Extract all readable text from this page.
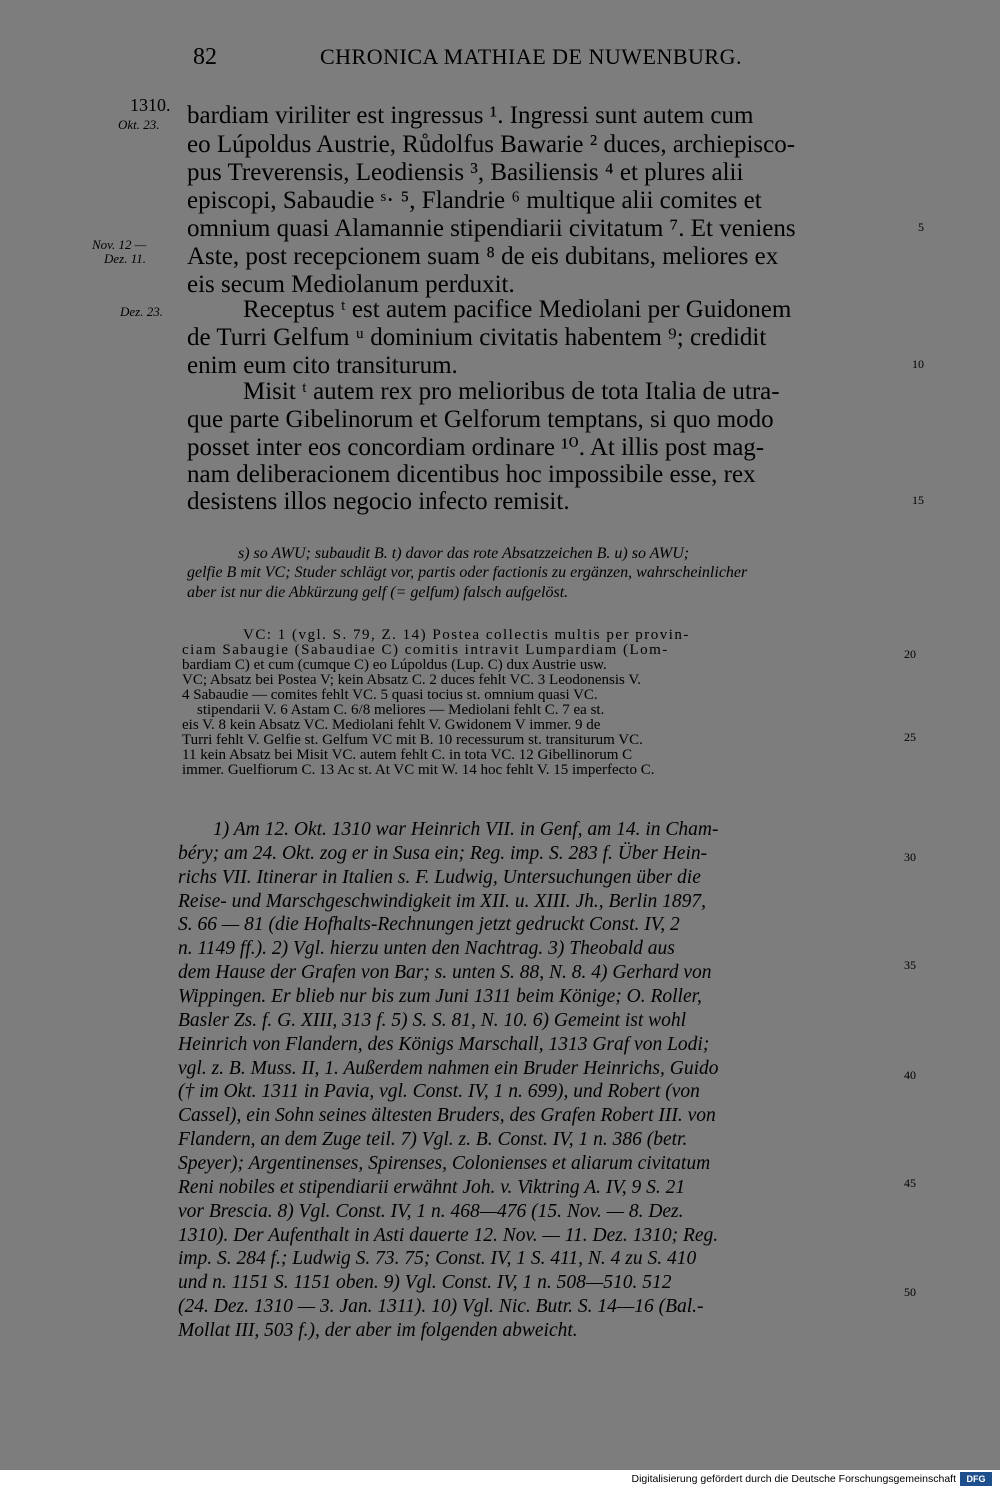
82	CHRONICA MATHIAE DE NUWENBURG.
1310.
Okt. 23.
Nov. 12 —
Dez. 11.
Dez. 23.
5
10
15
20
25
30
35
40
45
50
bardiam viriliter est ingressus ¹. Ingressi sunt autem cum
eo Lúpoldus Austrie, Růdolfus Bawarie ² duces, archiepisco-
pus Treverensis, Leodiensis ³, Basiliensis ⁴ et plures alii
episcopi, Sabaudie ˢ· ⁵, Flandrie ⁶ multique alii comites et
omnium quasi Alamannie stipendiarii civitatum ⁷. Et veniens
Aste, post recepcionem suam ⁸ de eis dubitans, meliores ex
eis secum Mediolanum perduxit.
Receptus ᵗ est autem pacifice Mediolani per Guidonem
de Turri Gelfum ᵘ dominium civitatis habentem ⁹; credidit
enim eum cito transiturum.
Misit ᵗ autem rex pro melioribus de tota Italia de utra-
que parte Gibelinorum et Gelforum temptans, si quo modo
posset inter eos concordiam ordinare ¹⁰. At illis post mag-
nam deliberacionem dicentibus hoc impossibile esse, rex
desistens illos negocio infecto remisit.
s) so AWU; subaudit B. t) davor das rote Absatzzeichen B. u) so AWU;
gelfie B mit VC; Studer schlägt vor, partis oder factionis zu ergänzen, wahrscheinlicher
aber ist nur die Abkürzung gelf (= gelfum) falsch aufgelöst.
VC: 1 (vgl. S. 79, Z. 14) Postea collectis multis per provin-
ciam Sabaugie (Sabaudiae C) comitis intravit Lumpardiam (Lom-
bardiam C) et cum (cumque C) eo Lúpoldus (Lup. C) dux Austrie usw.
VC; Absatz bei Postea V; kein Absatz C. 2 duces fehlt VC. 3 Leodonensis V.
4 Sabaudie — comites fehlt VC. 5 quasi tocius st. omnium quasi VC.
stipendarii V. 6 Astam C. 6/8 meliores — Mediolani fehlt C. 7 ea st.
eis V. 8 kein Absatz VC. Mediolani fehlt V. Gwidonem V immer. 9 de
Turri fehlt V. Gelfie st. Gelfum VC mit B. 10 recessurum st. transiturum VC.
11 kein Absatz bei Misit VC. autem fehlt C. in tota VC. 12 Gibellinorum C
immer. Guelfiorum C. 13 Ac st. At VC mit W. 14 hoc fehlt V. 15 imperfecto C.
1) Am 12. Okt. 1310 war Heinrich VII. in Genf, am 14. in Cham-
béry; am 24. Okt. zog er in Susa ein; Reg. imp. S. 283 f. Über Hein-
richs VII. Itinerar in Italien s. F. Ludwig, Untersuchungen über die
Reise- und Marschgeschwindigkeit im XII. u. XIII. Jh., Berlin 1897,
S. 66 — 81 (die Hofhalts-Rechnungen jetzt gedruckt Const. IV, 2
n. 1149 ff.). 2) Vgl. hierzu unten den Nachtrag. 3) Theobald aus
dem Hause der Grafen von Bar; s. unten S. 88, N. 8. 4) Gerhard von
Wippingen. Er blieb nur bis zum Juni 1311 beim Könige; O. Roller,
Basler Zs. f. G. XIII, 313 f. 5) S. S. 81, N. 10. 6) Gemeint ist wohl
Heinrich von Flandern, des Königs Marschall, 1313 Graf von Lodi;
vgl. z. B. Muss. II, 1. Außerdem nahmen ein Bruder Heinrichs, Guido
(† im Okt. 1311 in Pavia, vgl. Const. IV, 1 n. 699), und Robert (von
Cassel), ein Sohn seines ältesten Bruders, des Grafen Robert III. von
Flandern, an dem Zuge teil. 7) Vgl. z. B. Const. IV, 1 n. 386 (betr.
Speyer); Argentinenses, Spirenses, Colonienses et aliarum civitatum
Reni nobiles et stipendiarii erwähnt Joh. v. Viktring A. IV, 9 S. 21
vor Brescia. 8) Vgl. Const. IV, 1 n. 468—476 (15. Nov. — 8. Dez.
1310). Der Aufenthalt in Asti dauerte 12. Nov. — 11. Dez. 1310; Reg.
imp. S. 284 f.; Ludwig S. 73. 75; Const. IV, 1 S. 411, N. 4 zu S. 410
und n. 1151 S. 1151 oben. 9) Vgl. Const. IV, 1 n. 508—510. 512
(24. Dez. 1310 — 3. Jan. 1311). 10) Vgl. Nic. Butr. S. 14—16 (Bal.-
Mollat III, 503 f.), der aber im folgenden abweicht.
Digitalisierung gefördert durch die Deutsche Forschungsgemeinschaft	DFG
